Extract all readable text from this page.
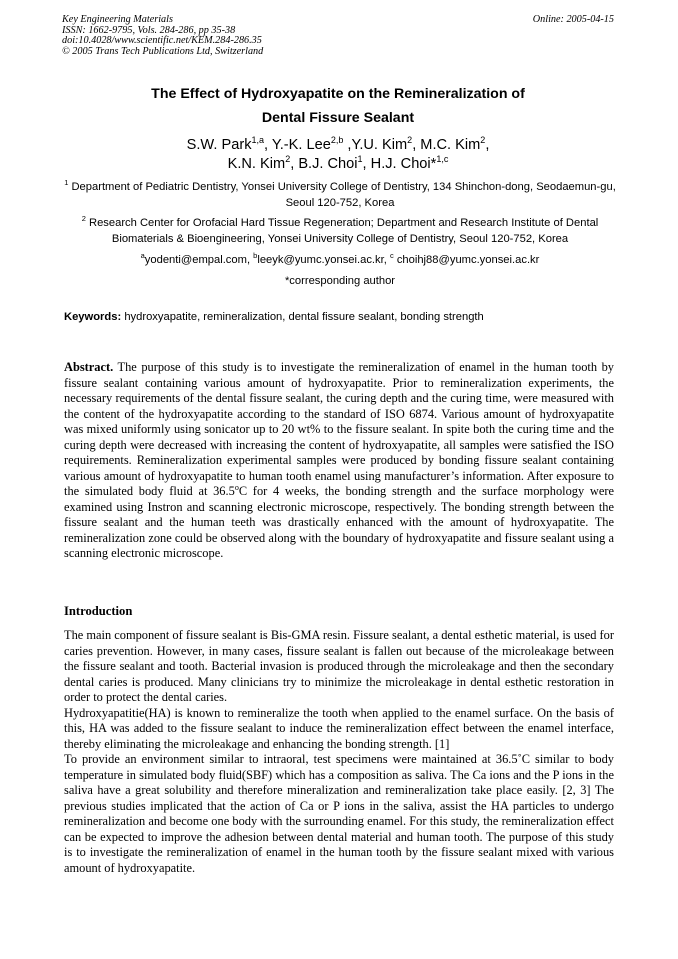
Key Engineering Materials
ISSN: 1662-9795, Vols. 284-286, pp 35-38
doi:10.4028/www.scientific.net/KEM.284-286.35
© 2005 Trans Tech Publications Ltd, Switzerland
Online: 2005-04-15
The Effect of Hydroxyapatite on the Remineralization of
Dental Fissure Sealant
S.W. Park$^{1,a}$, Y.-K. Lee$^{2,b}$ ,Y.U. Kim$^2$, M.C. Kim$^2$,
K.N. Kim$^2$, B.J. Choi$^1$, H.J. Choi*$^{1,c}$
$^1$ Department of Pediatric Dentistry, Yonsei University College of Dentistry, 134 Shinchon-dong, Seodaemun-gu, Seoul 120-752, Korea
$^2$ Research Center for Orofacial Hard Tissue Regeneration; Department and Research Institute of Dental Biomaterials & Bioengineering, Yonsei University College of Dentistry, Seoul 120-752, Korea
$^a$yodenti@empal.com, $^b$leeyk@yumc.yonsei.ac.kr, $^c$ choihj88@yumc.yonsei.ac.kr
*corresponding author
Keywords: hydroxyapatite, remineralization, dental fissure sealant, bonding strength

Abstract. The purpose of this study is to investigate the remineralization of enamel in the human tooth by fissure sealant containing various amount of hydroxyapatite. Prior to remineralization experiments, the necessary requirements of the dental fissure sealant, the curing depth and the curing time, were measured with the content of the hydroxyapatite according to the standard of ISO 6874. Various amount of hydroxyapatite was mixed uniformly using sonicator up to 20 wt% to the fissure sealant. In spite both the curing time and the curing depth were decreased with increasing the content of hydroxyapatite, all samples were satisfied the ISO requirements. Remineralization experimental samples were produced by bonding fissure sealant containing various amount of hydroxyapatite to human tooth enamel using manufacturer’s information. After exposure to the simulated body fluid at 36.5$^o$C for 4 weeks, the bonding strength and the surface morphology were examined using Instron and scanning electronic microscope, respectively. The bonding strength between the fissure sealant and the human teeth was drastically enhanced with the amount of hydroxyapatite. The remineralization zone could be observed along with the boundary of hydroxyapatite and fissure sealant using a scanning electronic microscope.

Introduction

The main component of fissure sealant is Bis-GMA resin. Fissure sealant, a dental esthetic material, is used for caries prevention. However, in many cases, fissure sealant is fallen out because of the microleakage between the fissure sealant and tooth. Bacterial invasion is produced through the microleakage and then the secondary dental caries is produced. Many clinicians try to minimize the microleakage in dental esthetic restoration in order to protect the dental caries.

Hydroxyapatitie(HA) is known to remineralize the tooth when applied to the enamel surface. On the basis of this, HA was added to the fissure sealant to induce the remineralization effect between the enamel interface, thereby eliminating the microleakage and enhancing the bonding strength. [1]

To provide an environment similar to intraoral, test specimens were maintained at 36.5˚C similar to body temperature in simulated body fluid(SBF) which has a composition as saliva. The Ca ions and the P ions in the saliva have a great solubility and therefore mineralization and remineralization take place easily. [2, 3] The previous studies implicated that the action of Ca or P ions in the saliva, assist the HA particles to undergo remineralization and become one body with the surrounding enamel. For this study, the remineralization effect can be expected to improve the adhesion between dental material and human tooth. The purpose of this study is to investigate the remineralization of enamel in the human tooth by the fissure sealant mixed with various amount of hydroxyapatite.
